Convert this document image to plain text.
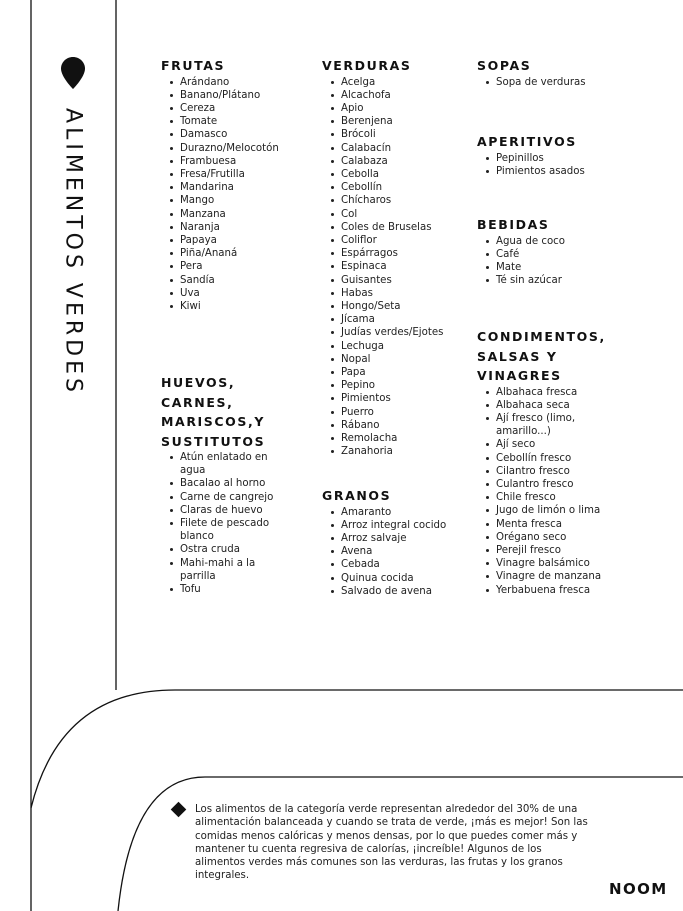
ALIMENTOS VERDES
FRUTAS
Arándano
Banano/Plátano
Cereza
Tomate
Damasco
Durazno/Melocotón
Frambuesa
Fresa/Frutilla
Mandarina
Mango
Manzana
Naranja
Papaya
Piña/Ananá
Pera
Sandía
Uva
Kiwi
HUEVOS,
CARNES,
MARISCOS,Y
SUSTITUTOS
Atún enlatado en agua
Bacalao al horno
Carne de cangrejo
Claras de huevo
Filete de pescado blanco
Ostra cruda
Mahi-mahi a la parrilla
Tofu
VERDURAS
Acelga
Alcachofa
Apio
Berenjena
Brócoli
Calabacín
Calabaza
Cebolla
Cebollín
Chícharos
Col
Coles de Bruselas
Coliflor
Espárragos
Espinaca
Guisantes
Habas
Hongo/Seta
Jícama
Judías verdes/Ejotes
Lechuga
Nopal
Papa
Pepino
Pimientos
Puerro
Rábano
Remolacha
Zanahoria
GRANOS
Amaranto
Arroz integral cocido
Arroz salvaje
Avena
Cebada
Quinua cocida
Salvado de avena
SOPAS
Sopa de verduras
APERITIVOS
Pepinillos
Pimientos asados
BEBIDAS
Agua de coco
Café
Mate
Té sin azúcar
CONDIMENTOS,
SALSAS Y
VINAGRES
Albahaca fresca
Albahaca seca
Ají fresco (limo, amarillo...)
Ají seco
Cebollín fresco
Cilantro fresco
Culantro fresco
Chile fresco
Jugo de limón o lima
Menta fresca
Orégano seco
Perejil fresco
Vinagre balsámico
Vinagre de manzana
Yerbabuena fresca
Los alimentos de la categoría verde representan alrededor del 30% de una
alimentación balanceada y cuando se trata de verde, ¡más es mejor! Son las
comidas menos calóricas y menos densas, por lo que puedes comer más y
mantener tu cuenta regresiva de calorías, ¡increíble! Algunos de los
alimentos verdes más comunes son las verduras, las frutas y los granos
integrales.
NOOM
